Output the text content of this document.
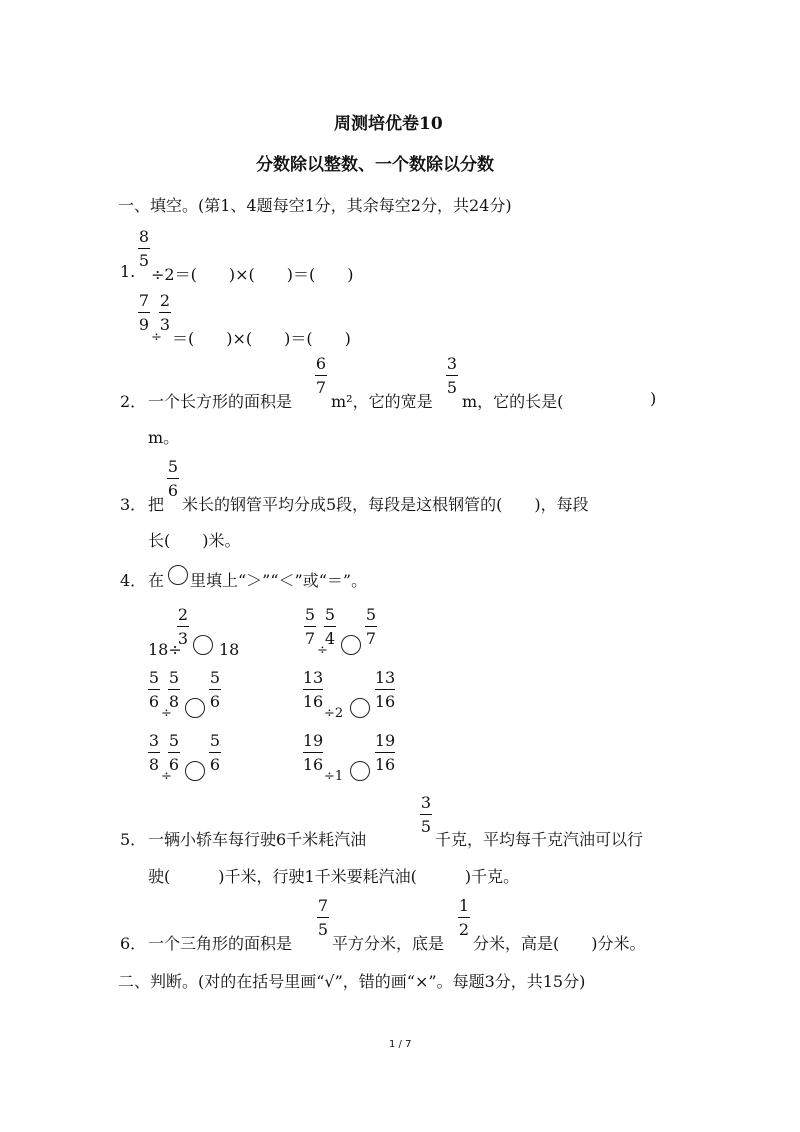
周测培优卷10
分数除以整数、一个数除以分数
一、填空。(第1、4题每空1分，其余每空2分，共24分)
1.
8
5
÷2＝(　　)×(　　)＝(　　)
7
9
÷
2
3
＝(　　)×(　　)＝(　　)
2． 一个长方形的面积是
6
7
m²，它的宽是
3
5
m，它的长是(	)
m。
3． 把
5
6
米长的钢管平均分成5段，每段是这根钢管的(　　)，每段
长(　　)米。
4． 在 里填上“＞”“＜”或“＝”。
18÷
2
3
18
5
7
÷
5
4
5
7
5
6
÷
5
8
5
6
13
16
÷2
13
16
3
8
÷
5
6
5
6
19
16
÷1
19
16
5． 一辆小轿车每行驶6千米耗汽油
3
5
千克，平均每千克汽油可以行
驶(　　　)千米，行驶1千米要耗汽油(　　　)千克。
6． 一个三角形的面积是
7
5
平方分米，底是
1
2
分米，高是(　　)分米。
二、判断。(对的在括号里画“√”，错的画“×”。每题3分，共15分)
1 / 7
